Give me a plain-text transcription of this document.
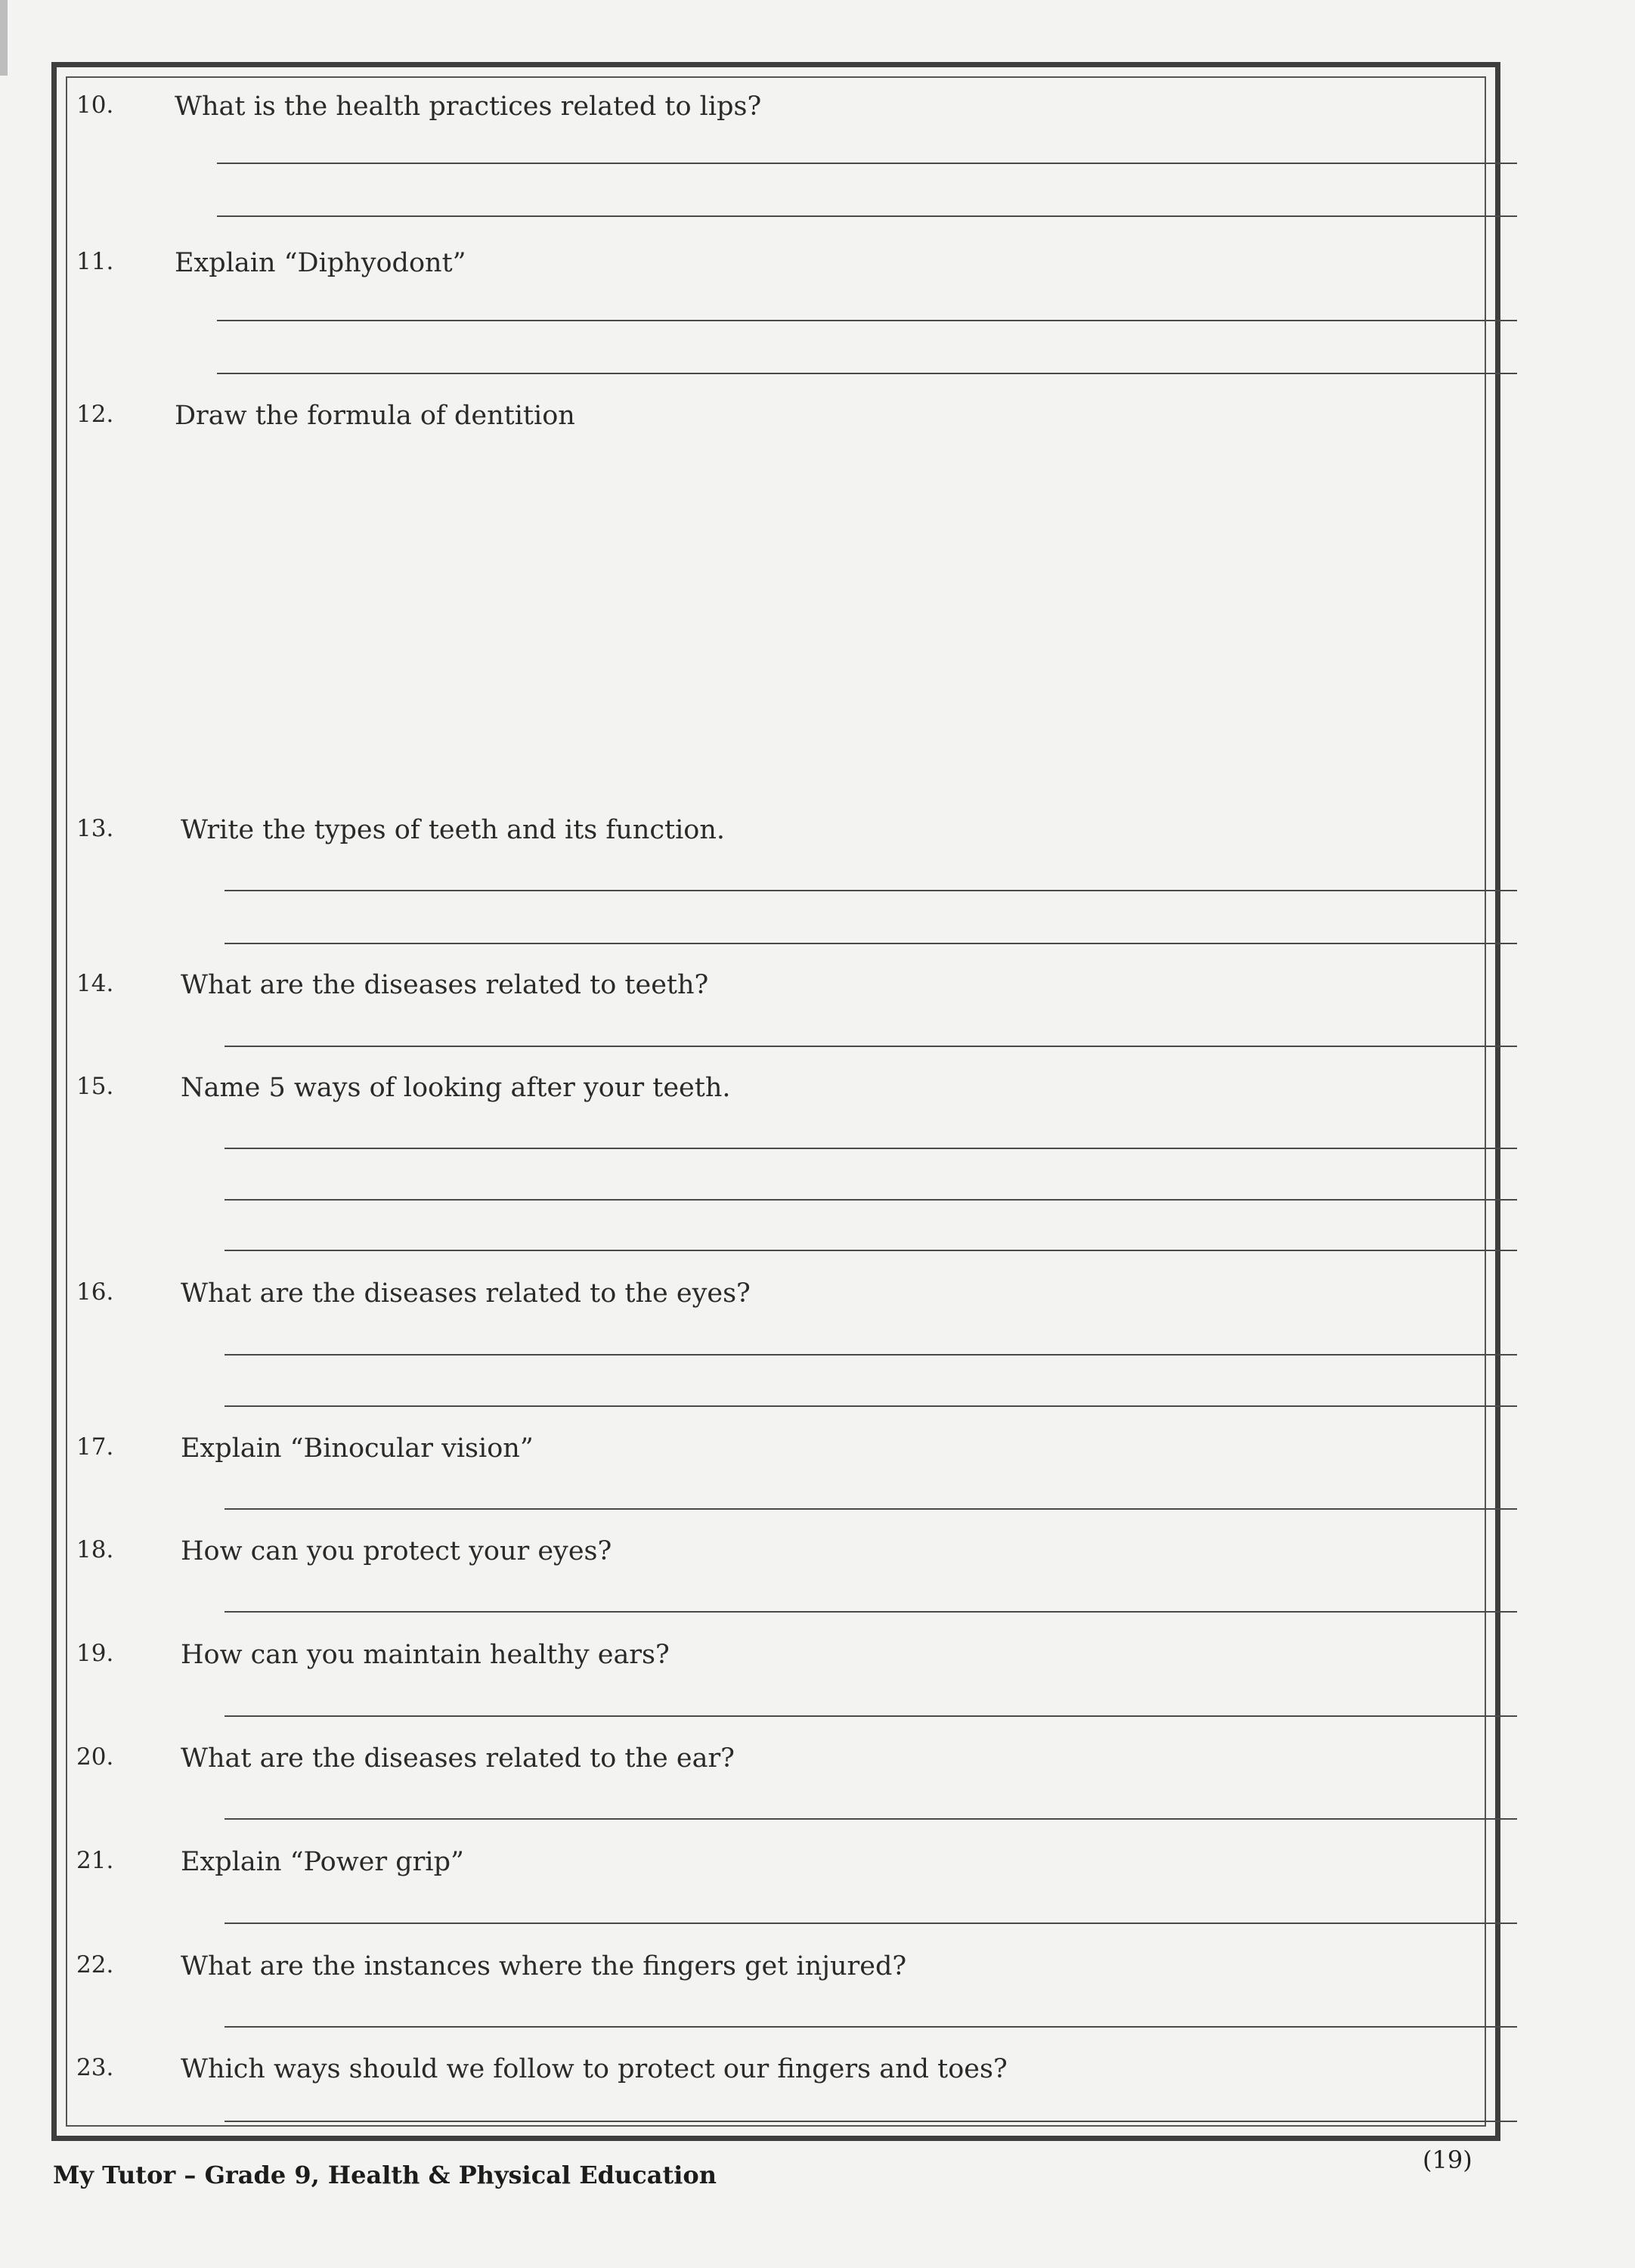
10. What is the health practices related to lips?
11. Explain “Diphyodont”
12. Draw the formula of dentition
13.	Write the types of teeth and its function.
14.	What are the diseases related to teeth?
15.	Name 5 ways of looking after your teeth.
16.	What are the diseases related to the eyes?
17.	Explain “Binocular vision”
18.	How can you protect your eyes?
19.	How can you maintain healthy ears?
20.	What are the diseases related to the ear?
21.	Explain “Power grip”
22.	What are the instances where the fingers get injured?
23.	Which ways should we follow to protect our fingers and toes?
My Tutor – Grade 9, Health & Physical Education
(19)
